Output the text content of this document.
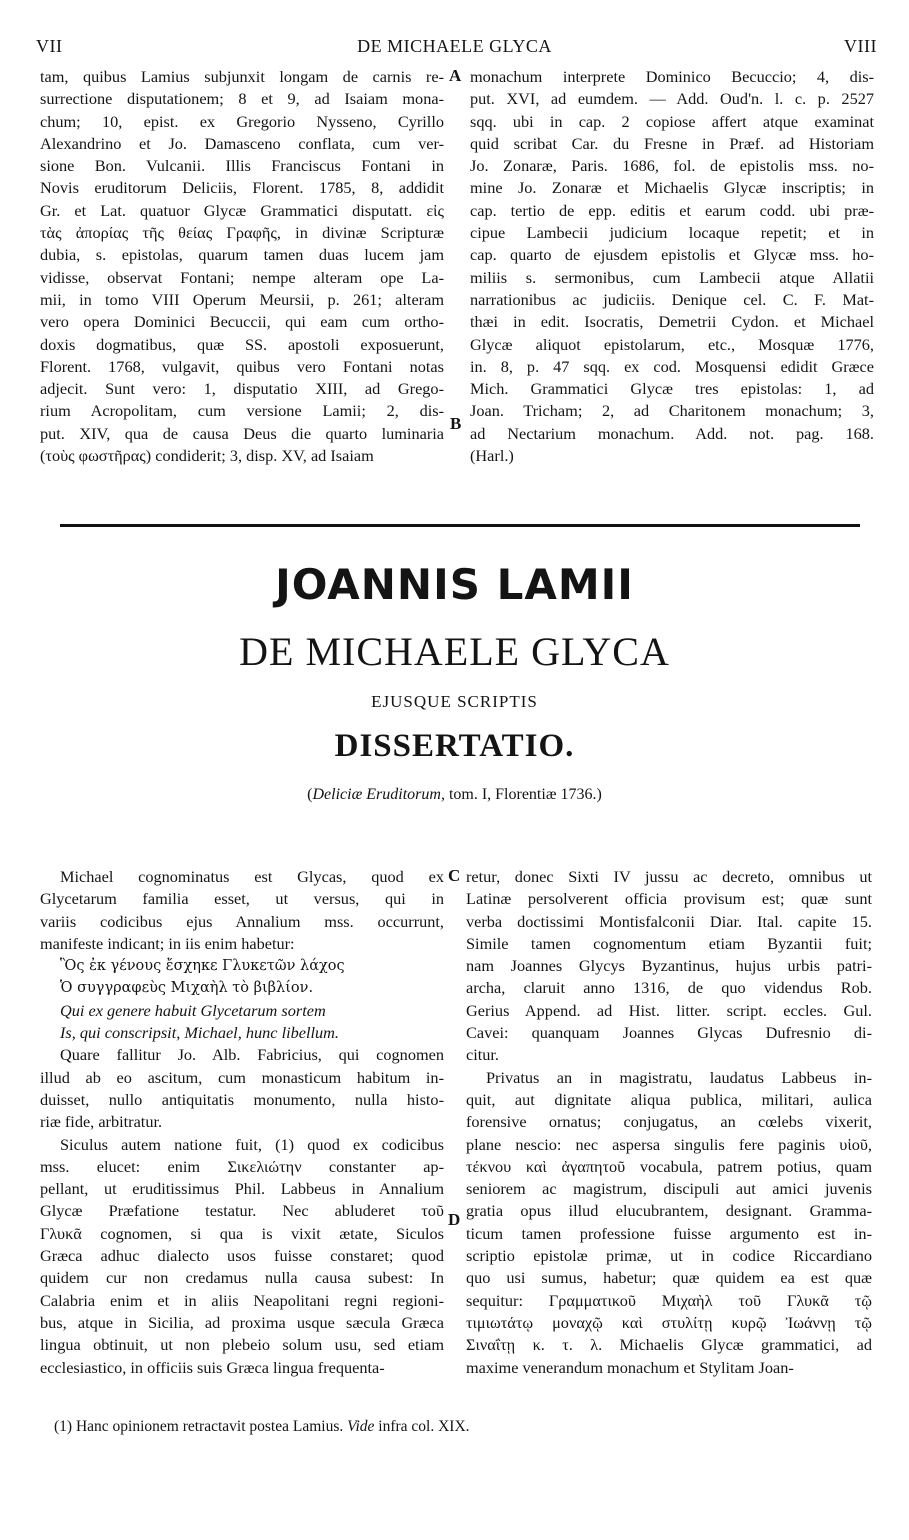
VII	DE MICHAELE GLYCA	VIII
tam, quibus Lamius subjunxit longam de carnis re-
surrectione disputationem; 8 et 9, ad Isaiam mona-
chum; 10, epist. ex Gregorio Nysseno, Cyrillo
Alexandrino et Jo. Damasceno conflata, cum ver-
sione Bon. Vulcanii. Illis Franciscus Fontani in
Novis eruditorum Deliciis, Florent. 1785, 8, addidit
Gr. et Lat. quatuor Glycæ Grammatici disputatt. εἰς
τὰς ἀπορίας τῆς θείας Γραφῆς, in divinæ Scripturæ
dubia, s. epistolas, quarum tamen duas lucem jam
vidisse, observat Fontani; nempe alteram ope La-
mii, in tomo VIII Operum Meursii, p. 261; alteram
vero opera Dominici Becuccii, qui eam cum ortho-
doxis dogmatibus, quæ SS. apostoli exposuerunt,
Florent. 1768, vulgavit, quibus vero Fontani notas
adjecit. Sunt vero: 1, disputatio XIII, ad Grego-
rium Acropolitam, cum versione Lamii; 2, dis-
put. XIV, qua de causa Deus die quarto luminaria
(τοὺς φωστῆρας) condiderit; 3, disp. XV, ad Isaiam
A monachum interprete Dominico Becuccio; 4, dis-
put. XVI, ad eumdem. — Add. Oud'n. l. c. p. 2527
sqq. ubi in cap. 2 copiose affert atque examinat
quid scribat Car. du Fresne in Præf. ad Historiam
Jo. Zonaræ, Paris. 1686, fol. de epistolis mss. no-
mine Jo. Zonaræ et Michaelis Glycæ inscriptis; in
cap. tertio de epp. editis et earum codd. ubi præ-
cipue Lambecii judicium locaque repetit; et in
cap. quarto de ejusdem epistolis et Glycæ mss. ho-
miliis s. sermonibus, cum Lambecii atque Allatii
narrationibus ac judiciis. Denique cel. C. F. Mat-
thæi in edit. Isocratis, Demetrii Cydon. et Michael
Glycæ aliquot epistolarum, etc., Mosquæ 1776,
in. 8, p. 47 sqq. ex cod. Mosquensi edidit Græce
Mich. Grammatici Glycæ tres epistolas: 1, ad
Joan. Tricham; 2, ad Charitonem monachum; 3,
ad Nectarium monachum. Add. not. pag. 168.
(Harl.)
B
JOANNIS LAMII
DE MICHAELE GLYCA
EJUSQUE SCRIPTIS
DISSERTATIO.
(Deliciæ Eruditorum, tom. I, Florentiæ 1736.)
Michael cognominatus est Glycas, quod ex
Glycetarum familia esset, ut versus, qui in
variis codicibus ejus Annalium mss. occurrunt,
manifeste indicant; in iis enim habetur:
Ὃς ἐκ γένους ἔσχηκε Γλυκετῶν λάχος
Ὁ συγγραφεὺς Μιχαὴλ τὸ βιβλίον.
Qui ex genere habuit Glycetarum sortem
Is, qui conscripsit, Michael, hunc libellum.
Quare fallitur Jo. Alb. Fabricius, qui cognomen
illud ab eo ascitum, cum monasticum habitum in-
duisset, nullo antiquitatis monumento, nulla histo-
riæ fide, arbitratur.
Siculus autem natione fuit, (1) quod ex codicibus
mss. elucet: enim Σικελιώτην constanter ap-
pellant, ut eruditissimus Phil. Labbeus in Annalium
Glycæ Præfatione testatur. Nec abluderet τοῦ
Γλυκᾶ cognomen, si qua is vixit ætate, Siculos
Græca adhuc dialecto usos fuisse constaret; quod
quidem cur non credamus nulla causa subest: In
Calabria enim et in aliis Neapolitani regni regioni-
bus, atque in Sicilia, ad proxima usque sæcula Græca
lingua obtinuit, ut non plebeio solum usu, sed etiam
ecclesiastico, in officiis suis Græca lingua frequenta-
C retur, donec Sixti IV jussu ac decreto, omnibus ut
Latinæ persolverent officia provisum est; quæ sunt
verba doctissimi Montisfalconii Diar. Ital. capite 15.
Simile tamen cognomentum etiam Byzantii fuit;
nam Joannes Glycys Byzantinus, hujus urbis patri-
archa, claruit anno 1316, de quo videndus Rob.
Gerius Append. ad Hist. litter. script. eccles. Gul.
Cavei: quanquam Joannes Glycas Dufresnio di-
citur.
Privatus an in magistratu, laudatus Labbeus in-
quit, aut dignitate aliqua publica, militari, aulica
forensive ornatus; conjugatus, an cœlebs vixerit,
plane nescio: nec aspersa singulis fere paginis υἱοῦ,
τέκνου καὶ ἀγαπητοῦ vocabula, patrem potius, quam
seniorem ac magistrum, discipuli aut amici juvenis
gratia opus illud elucubrantem, designant. Gramma-
ticum tamen professione fuisse argumento est in-
scriptio epistolæ primæ, ut in codice Riccardiano
quo usi sumus, habetur; quæ quidem ea est quæ
sequitur: Γραμματικοῦ Μιχαὴλ τοῦ Γλυκᾶ τῷ
τιμιωτάτῳ μοναχῷ καὶ στυλίτῃ κυρῷ Ἰωάννῃ τῷ
Σιναΐτῃ κ. τ. λ. Michaelis Glycæ grammatici, ad
maxime venerandum monachum et Stylitam Joan-
D
(1) Hanc opinionem retractavit postea Lamius. Vide infra col. XIX.
